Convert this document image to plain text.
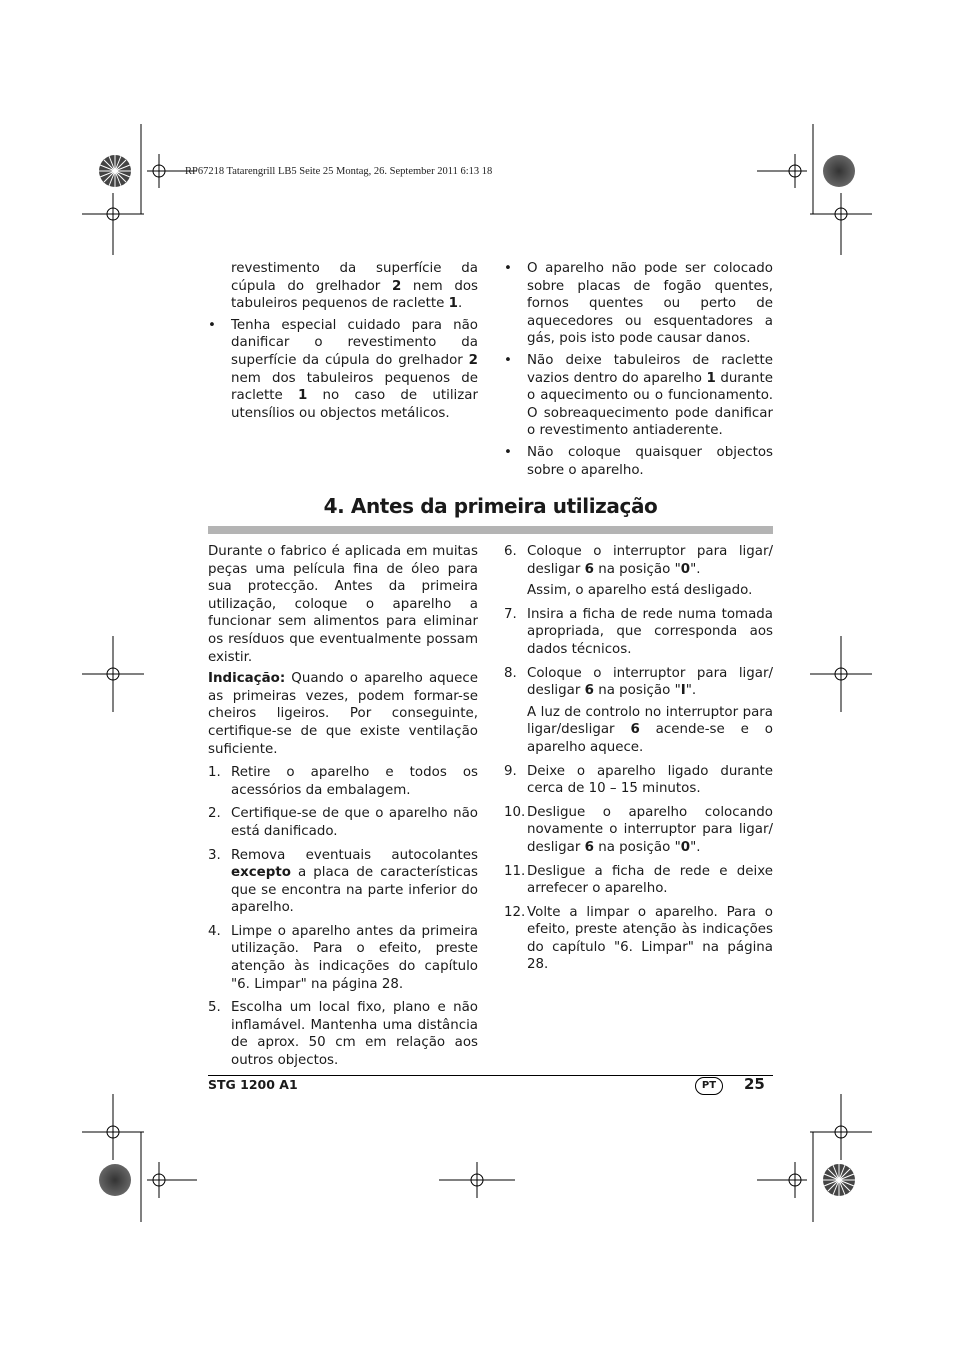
RP67218 Tatarengrill LB5 Seite 25 Montag, 26. September 2011 6:13 18
revestimento da superfície da cúpula do grelhador 2 nem dos tabuleiros pequenos de raclette 1.
• Tenha especial cuidado para não danificar o revestimento da superfície da cúpula do grelhador 2 nem dos tabuleiros pequenos de raclette 1 no caso de utilizar utensílios ou objectos metálicos.
• O aparelho não pode ser colocado sobre placas de fogão quentes, fornos quentes ou perto de aquecedores ou esquentadores a gás, pois isto pode causar danos.
• Não deixe tabuleiros de raclette vazios dentro do aparelho 1 durante o aquecimento ou o funcionamento. O sobreaquecimento pode danificar o revestimento antiaderente.
• Não coloque quaisquer objectos sobre o aparelho.
4. Antes da primeira utilização

Durante o fabrico é aplicada em muitas peças uma película fina de óleo para sua protecção. Antes da primeira utilização, coloque o aparelho a funcionar sem alimentos para eliminar os resíduos que eventualmente possam existir.

Indicação: Quando o aparelho aquece as primeiras vezes, podem formar-se cheiros ligeiros. Por conseguinte, certifique-se de que existe ventilação suficiente.

1. Retire o aparelho e todos os acessórios da embalagem.
2. Certifique-se de que o aparelho não está danificado.
3. Remova eventuais autocolantes excepto a placa de características que se encontra na parte inferior do aparelho.
4. Limpe o aparelho antes da primeira utilização. Para o efeito, preste atenção às indicações do capítulo "6. Limpar" na página 28.
5. Escolha um local fixo, plano e não inflamável. Mantenha uma distância de aprox. 50 cm em relação aos outros objectos.
6. Coloque o interruptor para ligar/ desligar 6 na posição "0".
Assim, o aparelho está desligado.
7. Insira a ficha de rede numa tomada apropriada, que corresponda aos dados técnicos.
8. Coloque o interruptor para ligar/ desligar 6 na posição "I".
A luz de controlo no interruptor para ligar/desligar 6 acende-se e o aparelho aquece.
9. Deixe o aparelho ligado durante cerca de 10 – 15 minutos.
10. Desligue o aparelho colocando novamente o interruptor para ligar/ desligar 6 na posição "0".
11. Desligue a ficha de rede e deixe arrefecer o aparelho.
12. Volte a limpar o aparelho. Para o efeito, preste atenção às indicações do capítulo "6. Limpar" na página 28.
STG 1200 A1	PT	25
